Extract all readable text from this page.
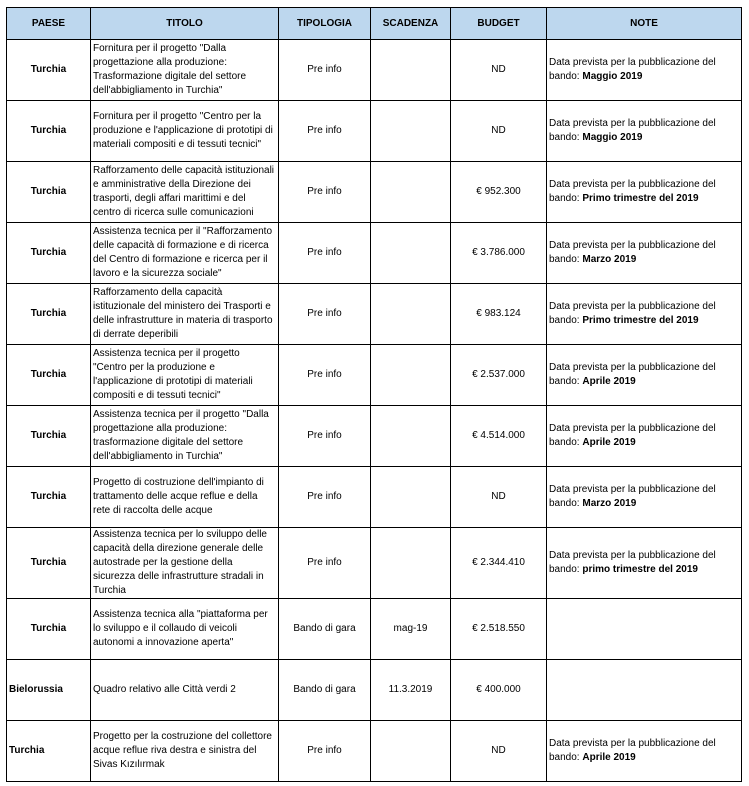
PAESE	TITOLO	TIPOLOGIA	SCADENZA	BUDGET	NOTE
Turchia	Fornitura per il progetto "Dalla progettazione alla produzione: Trasformazione digitale del settore dell'abbigliamento in Turchia"	Pre info		ND	Data prevista per la pubblicazione del bando: Maggio 2019
Turchia	Fornitura per il progetto "Centro per la produzione e l'applicazione di prototipi di materiali compositi e di tessuti tecnici"	Pre info		ND	Data prevista per la pubblicazione del bando: Maggio 2019
Turchia	Rafforzamento delle capacità istituzionali e amministrative della Direzione dei trasporti, degli affari marittimi e del centro di ricerca sulle comunicazioni	Pre info		€ 952.300	Data prevista per la pubblicazione del bando: Primo trimestre del 2019
Turchia	Assistenza tecnica per il "Rafforzamento delle capacità di formazione e di ricerca del Centro di formazione e ricerca per il lavoro e la sicurezza sociale"	Pre info		€ 3.786.000	Data prevista per la pubblicazione del bando: Marzo 2019
Turchia	Rafforzamento della capacità istituzionale del ministero dei Trasporti e delle infrastrutture in materia di trasporto di derrate deperibili	Pre info		€ 983.124	Data prevista per la pubblicazione del bando: Primo trimestre del 2019
Turchia	Assistenza tecnica per il progetto "Centro per la produzione e l'applicazione di prototipi di materiali compositi e di tessuti tecnici"	Pre info		€ 2.537.000	Data prevista per la pubblicazione del bando: Aprile 2019
Turchia	Assistenza tecnica per il progetto "Dalla progettazione alla produzione: trasformazione digitale del settore dell'abbigliamento in Turchia"	Pre info		€ 4.514.000	Data prevista per la pubblicazione del bando: Aprile 2019
Turchia	Progetto di costruzione dell'impianto di trattamento delle acque reflue e della rete di raccolta delle acque	Pre info		ND	Data prevista per la pubblicazione del bando: Marzo 2019
Turchia	Assistenza tecnica per lo sviluppo delle capacità della direzione generale delle autostrade per la gestione della sicurezza delle infrastrutture stradali in Turchia	Pre info		€ 2.344.410	Data prevista per la pubblicazione del bando: primo trimestre del 2019
Turchia	Assistenza tecnica alla "piattaforma per lo sviluppo e il collaudo di veicoli autonomi a innovazione aperta"	Bando di gara	mag-19	€ 2.518.550	
Bielorussia	Quadro relativo alle Città verdi 2	Bando di gara	11.3.2019	€ 400.000	
Turchia	Progetto per la costruzione del collettore acque reflue riva destra e sinistra del Sivas Kızılırmak	Pre info		ND	Data prevista per la pubblicazione del bando: Aprile 2019
